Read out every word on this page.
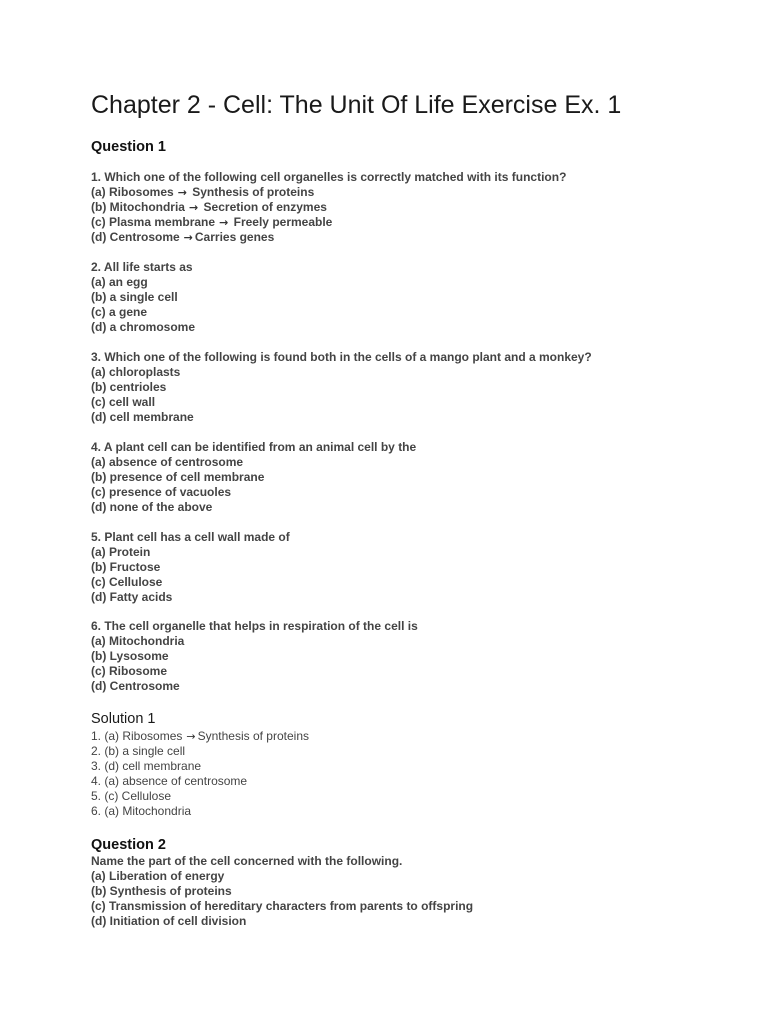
Chapter 2 - Cell: The Unit Of Life Exercise Ex. 1
Question 1
1. Which one of the following cell organelles is correctly matched with its function?
(a) Ribosomes → Synthesis of proteins
(b) Mitochondria → Secretion of enzymes
(c) Plasma membrane → Freely permeable
(d) Centrosome → Carries genes
2. All life starts as
(a) an egg
(b) a single cell
(c) a gene
(d) a chromosome
3. Which one of the following is found both in the cells of a mango plant and a monkey?
(a) chloroplasts
(b) centrioles
(c) cell wall
(d) cell membrane
4. A plant cell can be identified from an animal cell by the
(a) absence of centrosome
(b) presence of cell membrane
(c) presence of vacuoles
(d) none of the above
5. Plant cell has a cell wall made of
(a) Protein
(b) Fructose
(c) Cellulose
(d) Fatty acids
6. The cell organelle that helps in respiration of the cell is
(a) Mitochondria
(b) Lysosome
(c) Ribosome
(d) Centrosome
Solution 1
1. (a) Ribosomes → Synthesis of proteins
2. (b) a single cell
3. (d) cell membrane
4. (a) absence of centrosome
5. (c) Cellulose
6. (a) Mitochondria
Question 2
Name the part of the cell concerned with the following.
(a) Liberation of energy
(b) Synthesis of proteins
(c) Transmission of hereditary characters from parents to offspring
(d) Initiation of cell division
